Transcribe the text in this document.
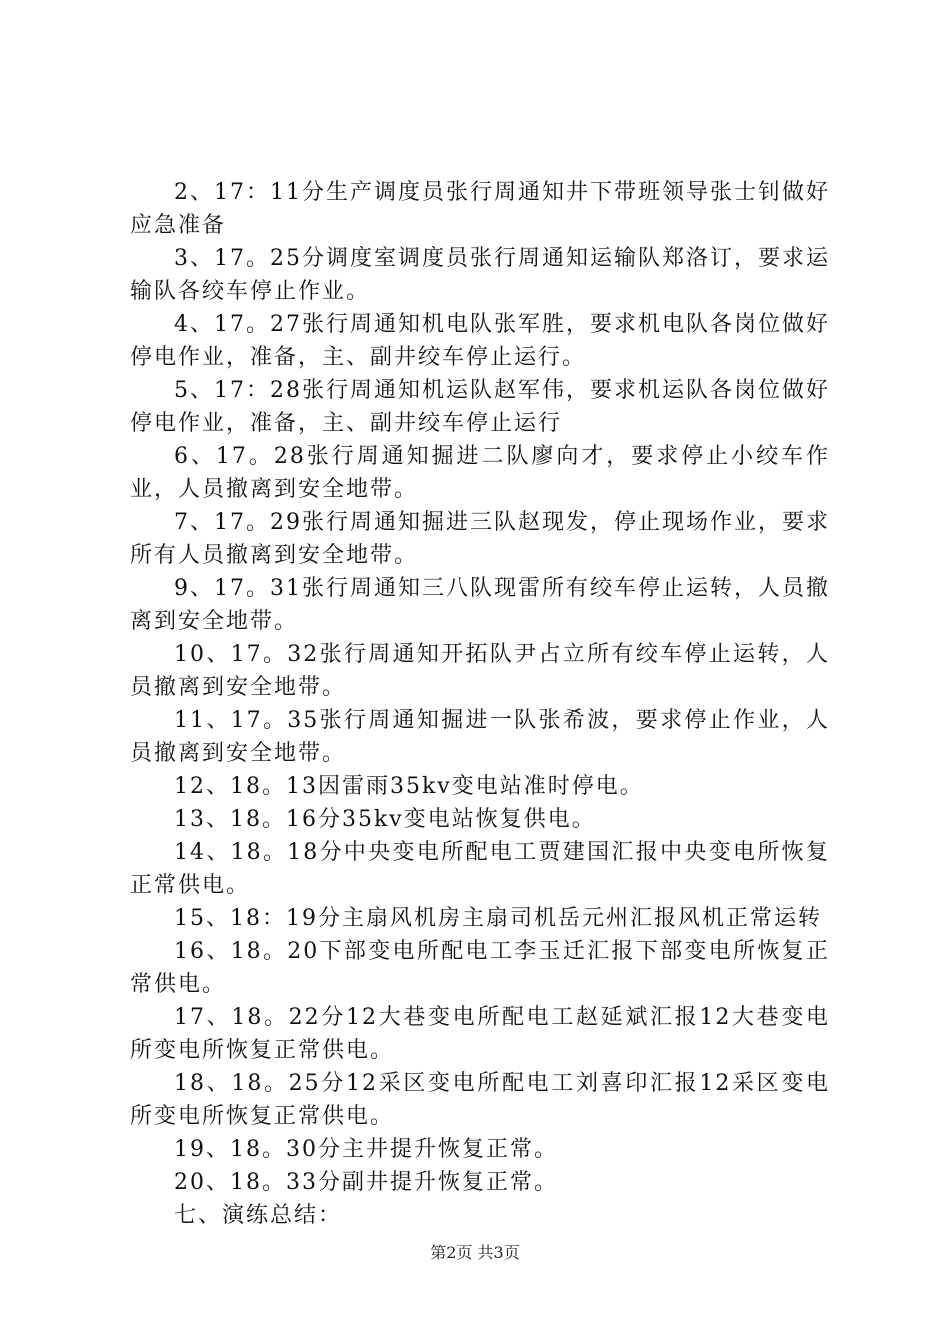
2、17：11分生产调度员张行周通知井下带班领导张士钊做好应急准备

3、17。25分调度室调度员张行周通知运输队郑洛订，要求运输队各绞车停止作业。

4、17。27张行周通知机电队张军胜，要求机电队各岗位做好停电作业，准备，主、副井绞车停止运行。

5、17：28张行周通知机运队赵军伟，要求机运队各岗位做好停电作业，准备，主、副井绞车停止运行

6、17。28张行周通知掘进二队廖向才，要求停止小绞车作业，人员撤离到安全地带。

7、17。29张行周通知掘进三队赵现发，停止现场作业，要求所有人员撤离到安全地带。

9、17。31张行周通知三八队现雷所有绞车停止运转，人员撤离到安全地带。

10、17。32张行周通知开拓队尹占立所有绞车停止运转，人员撤离到安全地带。

11、17。35张行周通知掘进一队张希波，要求停止作业，人员撤离到安全地带。

12、18。13因雷雨35kv变电站准时停电。

13、18。16分35kv变电站恢复供电。

14、18。18分中央变电所配电工贾建国汇报中央变电所恢复正常供电。

15、18：19分主扇风机房主扇司机岳元州汇报风机正常运转

16、18。20下部变电所配电工李玉迁汇报下部变电所恢复正常供电。

17、18。22分12大巷变电所配电工赵延斌汇报12大巷变电所变电所恢复正常供电。

18、18。25分12采区变电所配电工刘喜印汇报12采区变电所变电所恢复正常供电。

19、18。30分主井提升恢复正常。

20、18。33分副井提升恢复正常。

七、演练总结：

第2页 共3页
